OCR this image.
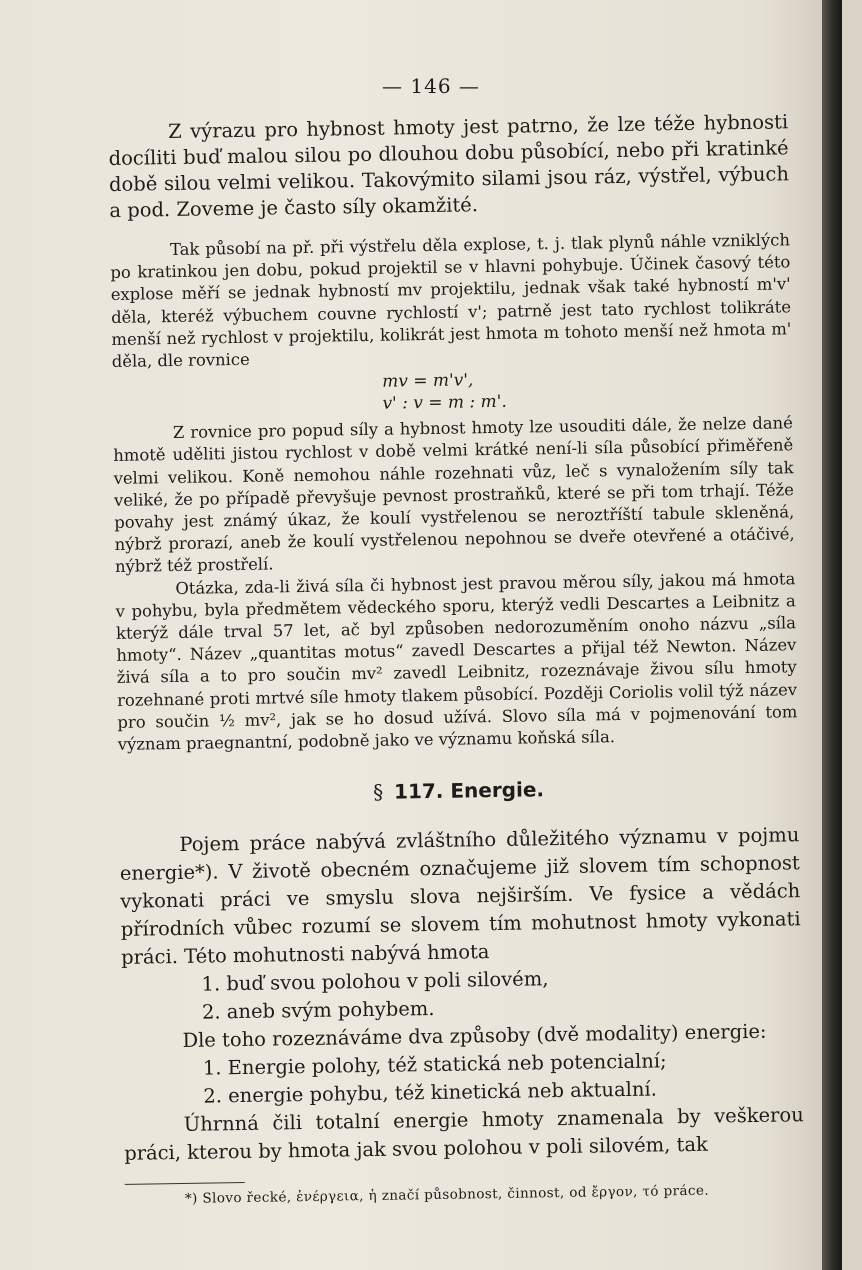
— 146 —

Z výrazu pro hybnost hmoty jest patrno, že lze téže hybnosti docíliti buď malou silou po dlouhou dobu působící, nebo při kratinké době silou velmi velikou. Takovýmito silami jsou ráz, výstřel, výbuch a pod. Zoveme je často síly okamžité.

Tak působí na př. při výstřelu děla explose, t. j. tlak plynů náhle vzniklých po kratinkou jen dobu, pokud projektil se v hlavni pohybuje. Účinek časový této explose měří se jednak hybností mv projektilu, jednak však také hybností m'v' děla, kteréž výbuchem couvne rychlostí v'; patrně jest tato rychlost tolikráte menší než rychlost v projektilu, kolikrát jest hmota m tohoto menší než hmota m' děla, dle rovnice

mv = m'v',
v' : v = m : m'.

Z rovnice pro popud síly a hybnost hmoty lze usouditi dále, že nelze dané hmotě uděliti jistou rychlost v době velmi krátké není-li síla působící přiměřeně velmi velikou. Koně nemohou náhle rozehnati vůz, leč s vynaložením síly tak veliké, že po případě převyšuje pevnost prostraňků, které se při tom trhají. Téže povahy jest známý úkaz, že koulí vystřelenou se neroztříští tabule skleněná, nýbrž prorazí, aneb že koulí vystřelenou nepohnou se dveře otevřené a otáčivé, nýbrž též prostřelí.

Otázka, zda-li živá síla či hybnost jest pravou měrou síly, jakou má hmota v pohybu, byla předmětem vědeckého sporu, kterýž vedli Descartes a Leibnitz a kterýž dále trval 57 let, ač byl způsoben nedorozuměním onoho názvu „síla hmoty“. Název „quantitas motus“ zavedl Descartes a přijal též Newton. Název živá síla a to pro součin mv² zavedl Leibnitz, rozeznávaje živou sílu hmoty rozehnané proti mrtvé síle hmoty tlakem působící. Později Coriolis volil týž název pro součin ½ mv², jak se ho dosud užívá. Slovo síla má v pojmenování tom význam praegnantní, podobně jako ve významu koňská síla.

§ 117. Energie.

Pojem práce nabývá zvláštního důležitého významu v pojmu energie*). V životě obecném označujeme již slovem tím schopnost vykonati práci ve smyslu slova nejširším. Ve fysice a vědách přírodních vůbec rozumí se slovem tím mohutnost hmoty vykonati práci. Této mohutnosti nabývá hmota

1. buď svou polohou v poli silovém,
2. aneb svým pohybem.

Dle toho rozeznáváme dva způsoby (dvě modality) energie:

1. Energie polohy, též statická neb potencialní;
2. energie pohybu, též kinetická neb aktualní.

Úhrnná čili totalní energie hmoty znamenala by veškerou práci, kterou by hmota jak svou polohou v poli silovém, tak

*) Slovo řecké, ἐνέργεια, ἡ značí působnost, činnost, od ἔργον, τό práce.
